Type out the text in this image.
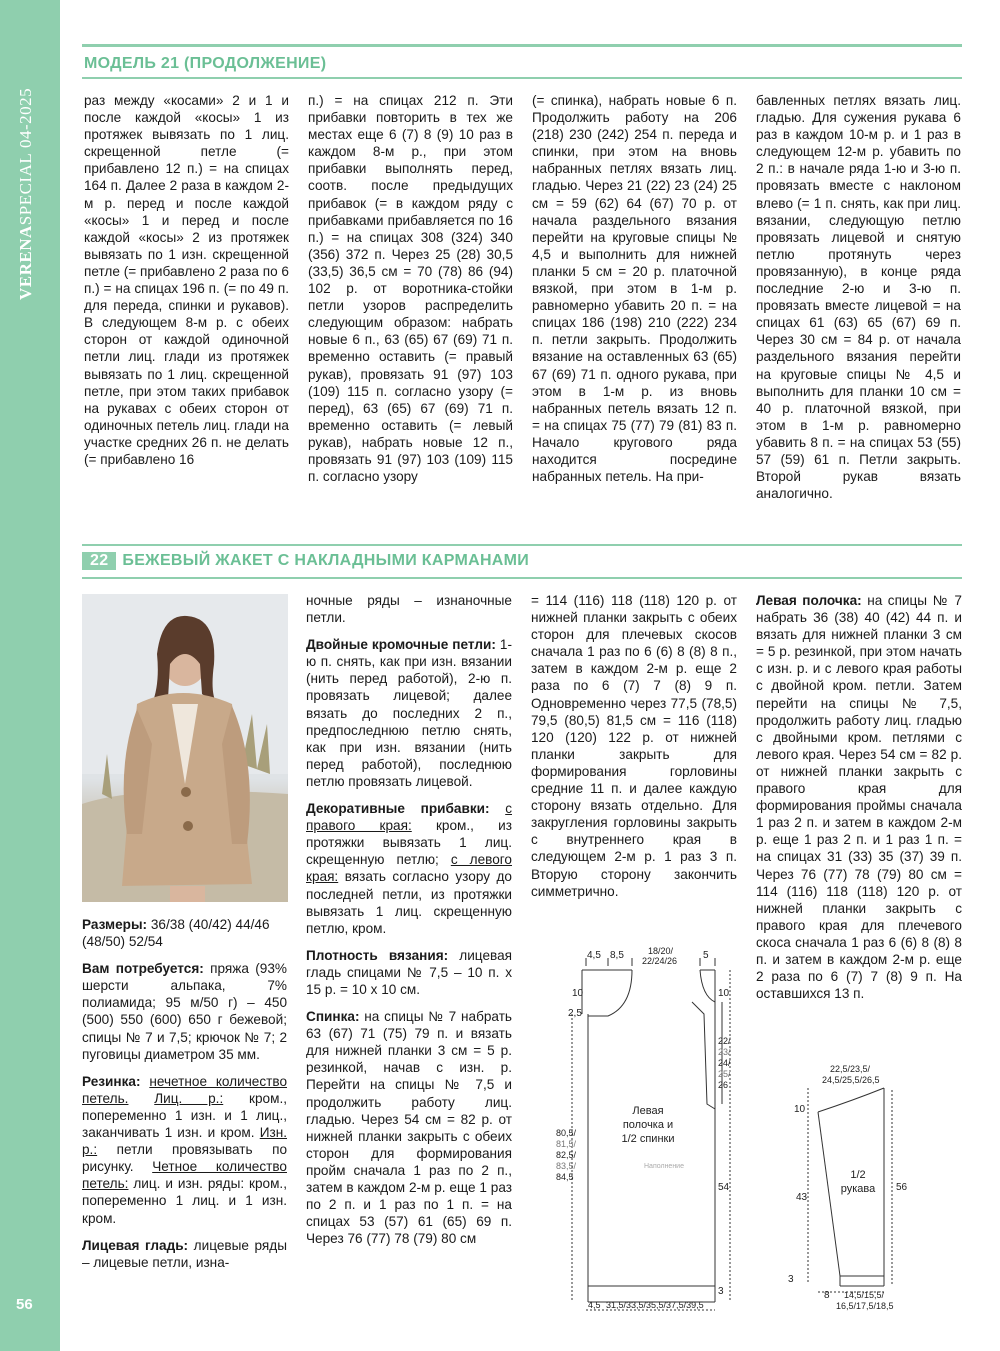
VERENASPECIAL 04-2025
56
МОДЕЛЬ 21 (ПРОДОЛЖЕНИЕ)
раз между «косами» 2 и 1 и после каждой «косы» 1 из протяжек вывязать по 1 лиц. скрещенной петле (= прибавлено 12 п.) = на спицах 164 п. Далее 2 раза в каждом 2-м р. перед и после каждой «косы» 1 и перед и после каждой «косы» 2 из протяжек вывязать по 1 изн. скрещенной петле (= прибавлено 2 раза по 6 п.) = на спицах 196 п. (= по 49 п. для переда, спинки и рукавов). В следующем 8-м р. с обеих сторон от каждой одиночной петли лиц. глади из протяжек вывязать по 1 лиц. скрещенной петле, при этом таких прибавок на рукавах с обеих сторон от одиночных петель лиц. глади на участке средних 26 п. не делать (= прибавлено 16
п.) = на спицах 212 п. Эти прибавки повторить в тех же местах еще 6 (7) 8 (9) 10 раз в каждом 8-м р., при этом прибавки выполнять перед, соотв. после предыдущих прибавок (= в каждом ряду с прибавками прибавляется по 16 п.) = на спицах 308 (324) 340 (356) 372 п. Через 25 (28) 30,5 (33,5) 36,5 см = 70 (78) 86 (94) 102 р. от воротника-стойки петли узоров распределить следующим образом: набрать новые 6 п., 63 (65) 67 (69) 71 п. временно оставить (= правый рукав), провязать 91 (97) 103 (109) 115 п. согласно узору (= перед), 63 (65) 67 (69) 71 п. временно оставить (= левый рукав), набрать новые 12 п., провязать 91 (97) 103 (109) 115 п. согласно узору
(= спинка), набрать новые 6 п. Продолжить работу на 206 (218) 230 (242) 254 п. переда и спинки, при этом на вновь набранных петлях вязать лиц. гладью. Через 21 (22) 23 (24) 25 см = 59 (62) 64 (67) 70 р. от начала раздельного вязания перейти на круговые спицы № 4,5 и выполнить для нижней планки 5 см = 20 р. платочной вязкой, при этом в 1-м р. равномерно убавить 20 п. = на спицах 186 (198) 210 (222) 234 п. петли закрыть. Продолжить вязание на оставленных 63 (65) 67 (69) 71 п. одного рукава, при этом в 1-м р. из вновь набранных петель вязать 12 п. = на спицах 75 (77) 79 (81) 83 п. Начало кругового ряда находится посредине набранных петель. На при-
бавленных петлях вязать лиц. гладью. Для сужения рукава 6 раз в каждом 10-м р. и 1 раз в следующем 12-м р. убавить по 2 п.: в начале ряда 1-ю и 3-ю п. провязать вместе с наклоном влево (= 1 п. снять, как при лиц. вязании, следующую петлю провязать лицевой и снятую петлю протянуть через провязанную), в конце ряда последние 2-ю и 3-ю п. провязать вместе лицевой = на спицах 61 (63) 65 (67) 69 п. Через 30 см = 84 р. от начала раздельного вязания перейти на круговые спицы № 4,5 и выполнить для планки 10 см = 40 р. платочной вязкой, при этом в 1-м р. равномерно убавить 8 п. = на спицах 53 (55) 57 (59) 61 п. Петли закрыть. Второй рукав вязать аналогично.
22 БЕЖЕВЫЙ ЖАКЕТ С НАКЛАДНЫМИ КАРМАНАМИ

Размеры: 36/38 (40/42) 44/46 (48/50) 52/54

Вам потребуется: пряжа (93% шерсти альпака, 7% полиамида; 95 м/50 г) – 450 (500) 550 (600) 650 г бежевой; спицы № 7 и 7,5; крючок № 7; 2 пуговицы диаметром 35 мм.

Резинка: нечетное количество петель. Лиц. р.: кром., попеременно 1 изн. и 1 лиц., заканчивать 1 изн. и кром. Изн. р.: петли провязывать по рисунку. Четное количество петель: лиц. и изн. ряды: кром., попеременно 1 лиц. и 1 изн. кром.

Лицевая гладь: лицевые ряды – лицевые петли, изна-

ночные ряды – изнаночные петли.

Двойные кромочные петли: 1-ю п. снять, как при изн. вязании (нить перед работой), 2-ю п. провязать лицевой; далее вязать до последних 2 п., предпоследнюю петлю снять, как при изн. вязании (нить перед работой), последнюю петлю провязать лицевой.

Декоративные прибавки: с правого края: кром., из протяжки вывязать 1 лиц. скрещенную петлю; с левого края: вязать согласно узору до последней петли, из протяжки вывязать 1 лиц. скрещенную петлю, кром.

Плотность вязания: лицевая гладь спицами № 7,5 – 10 п. х 15 р. = 10 х 10 см.

Спинка: на спицы № 7 набрать 63 (67) 71 (75) 79 п. и вязать для нижней планки 3 см = 5 р. резинкой, начав с изн. р. Перейти на спицы № 7,5 и продолжить работу лиц. гладью. Через 54 см = 82 р. от нижней планки закрыть с обеих сторон для формирования пройм сначала 1 раз по 2 п., затем в каждом 2-м р. еще 1 раз по 2 п. и 1 раз по 1 п. = на спицах 53 (57) 61 (65) 69 п. Через 76 (77) 78 (79) 80 см

= 114 (116) 118 (118) 120 р. от нижней планки закрыть с обеих сторон для плечевых скосов сначала 1 раз по 6 (6) 8 (8) 8 п., затем в каждом 2-м р. еще 2 раза по 6 (7) 7 (8) 9 п. Одновременно через 77,5 (78,5) 79,5 (80,5) 81,5 см = 116 (118) 120 (120) 122 р. от нижней планки закрыть для формирования горловины средние 11 п. и далее каждую сторону вязать отдельно. Для закругления горловины закрыть с внутреннего края в следующем 2-м р. 1 раз 3 п. Вторую сторону закончить симметрично.

Левая полочка: на спицы № 7 набрать 36 (38) 40 (42) 44 п. и вязать для нижней планки 3 см = 5 р. резинкой, при этом начать с изн. р. и с левого края работы с двойной кром. петли. Затем перейти на спицы № 7,5, продолжить работу лиц. гладью с двойными кром. петлями с левого края. Через 54 см = 82 р. от нижней планки закрыть с правого края для формирования проймы сначала 1 раз 2 п. и затем в каждом 2-м р. еще 1 раз 2 п. и 1 раз 1 п. = на спицах 31 (33) 35 (37) 39 п. Через 76 (77) 78 (79) 80 см = 114 (116) 118 (118) 120 р. от нижней планки закрыть с правого края для плечевого скоса сначала 1 раз 6 (6) 8 (8) 8 п. и затем в каждом 2-м р. еще 2 раза по 6 (7) 7 (8) 9 п. На оставшихся 13 п.

4,5 8,5	18/20/
22/24/26	5
10
2,5
80,5/
81,5/
82,5/
83,5/
84,5
10
22/
23/
24/
25/
26
54
3
Левая
полочка и
1/2 спинки
Наполнение
4,5 31,5/33,5/35,5/37,5/39,5
22,5/23,5/
24,5/25,5/26,5
10
43
3
56
1/2
рукава
8 14,5/15,5/
16,5/17,5/18,5
